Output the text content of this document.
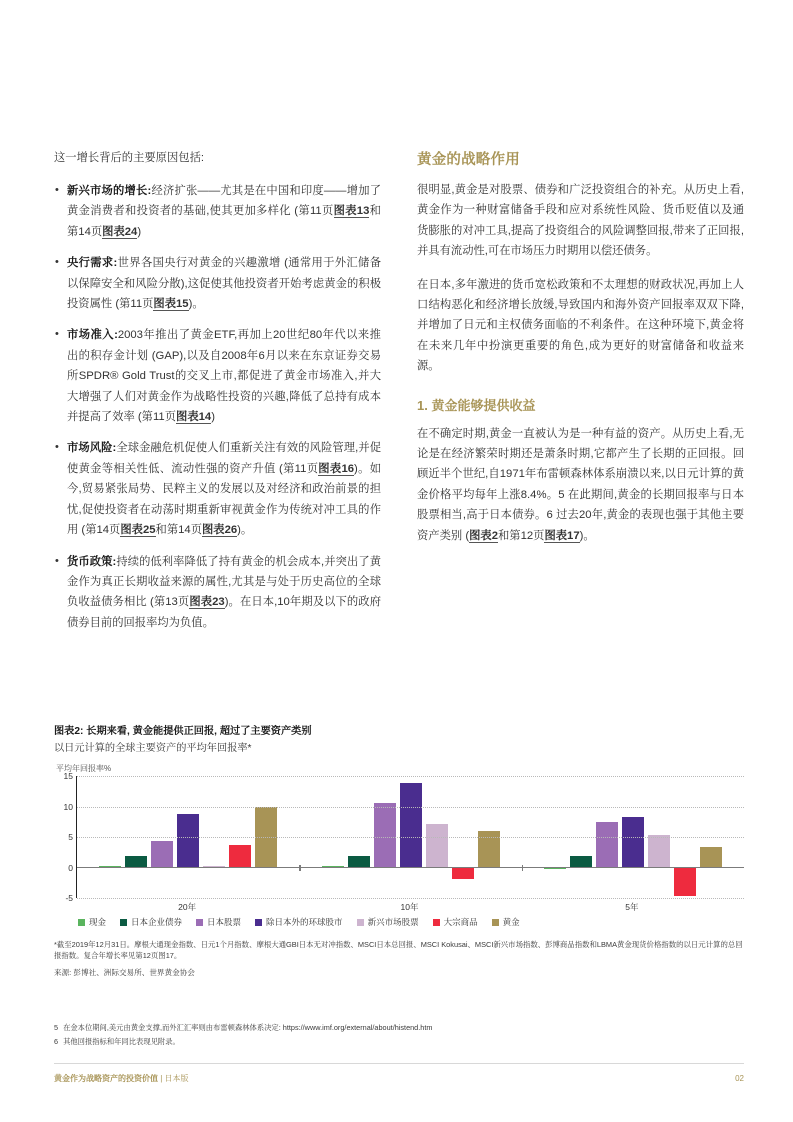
这一增长背后的主要原因包括:

• 新兴市场的增长:经济扩张——尤其是在中国和印度——增加了黄金消费者和投资者的基础,使其更加多样化 (第11页图表13和第14页图表24)
• 央行需求:世界各国央行对黄金的兴趣激增 (通常用于外汇储备以保障安全和风险分散),这促使其他投资者开始考虑黄金的积极投资属性 (第11页图表15)。
• 市场准入:2003年推出了黄金ETF,再加上20世纪80年代以来推出的积存金计划 (GAP),以及自2008年6月以来在东京证券交易所SPDR® Gold Trust的交叉上市,都促进了黄金市场准入,并大大增强了人们对黄金作为战略性投资的兴趣,降低了总持有成本并提高了效率 (第11页图表14)
• 市场风险:全球金融危机促使人们重新关注有效的风险管理,并促使黄金等相关性低、流动性强的资产升值 (第11页图表16)。如今,贸易紧张局势、民粹主义的发展以及对经济和政治前景的担忧,促使投资者在动荡时期重新审视黄金作为传统对冲工具的作用 (第14页图表25和第14页图表26)。
• 货币政策:持续的低利率降低了持有黄金的机会成本,并突出了黄金作为真正长期收益来源的属性,尤其是与处于历史高位的全球负收益债务相比 (第13页图表23)。在日本,10年期及以下的政府债券目前的回报率均为负值。
黄金的战略作用

很明显,黄金是对股票、债券和广泛投资组合的补充。从历史上看,黄金作为一种财富储备手段和应对系统性风险、货币贬值以及通货膨胀的对冲工具,提高了投资组合的风险调整回报,带来了正回报,并具有流动性,可在市场压力时期用以偿还债务。

在日本,多年激进的货币宽松政策和不太理想的财政状况,再加上人口结构恶化和经济增长放缓,导致国内和海外资产回报率双双下降,并增加了日元和主权债务面临的不利条件。在这种环境下,黄金将在未来几年中扮演更重要的角色,成为更好的财富储备和收益来源。

1. 黄金能够提供收益

在不确定时期,黄金一直被认为是一种有益的资产。从历史上看,无论是在经济繁荣时期还是萧条时期,它都产生了长期的正回报。回顾近半个世纪,自1971年布雷顿森林体系崩溃以来,以日元计算的黄金价格平均每年上涨8.4%。5 在此期间,黄金的长期回报率与日本股票相当,高于日本债券。6 过去20年,黄金的表现也强于其他主要资产类别 (图表2和第12页图表17)。

图表2: 长期来看, 黄金能提供正回报, 超过了主要资产类别

以日元计算的全球主要资产的平均年回报率*

平均年回报率%

-5
0
5
10
15
20年	10年	5年
现金	日本企业债券	日本股票	除日本外的环球股市	新兴市场股票	大宗商品	黄金

*截至2019年12月31日。摩根大通现金指数、日元1个月指数、摩根大通GBI日本无对冲指数、MSCI日本总回报、MSCI Kokusai、MSCI新兴市场指数、彭博商品指数和LBMA黄金现货价格指数的以日元计算的总回报指数。复合年增长率见第12页图17。

来源: 彭博社、洲际交易所、世界黄金协会

5 在金本位期间,美元由黄金支撑,而外汇汇率则由布雷顿森林体系决定: https://www.imf.org/external/about/histend.htm

6 其他回报指标和年同比表现见附录。

黄金作为战略资产的投资价值 | 日本版	02
